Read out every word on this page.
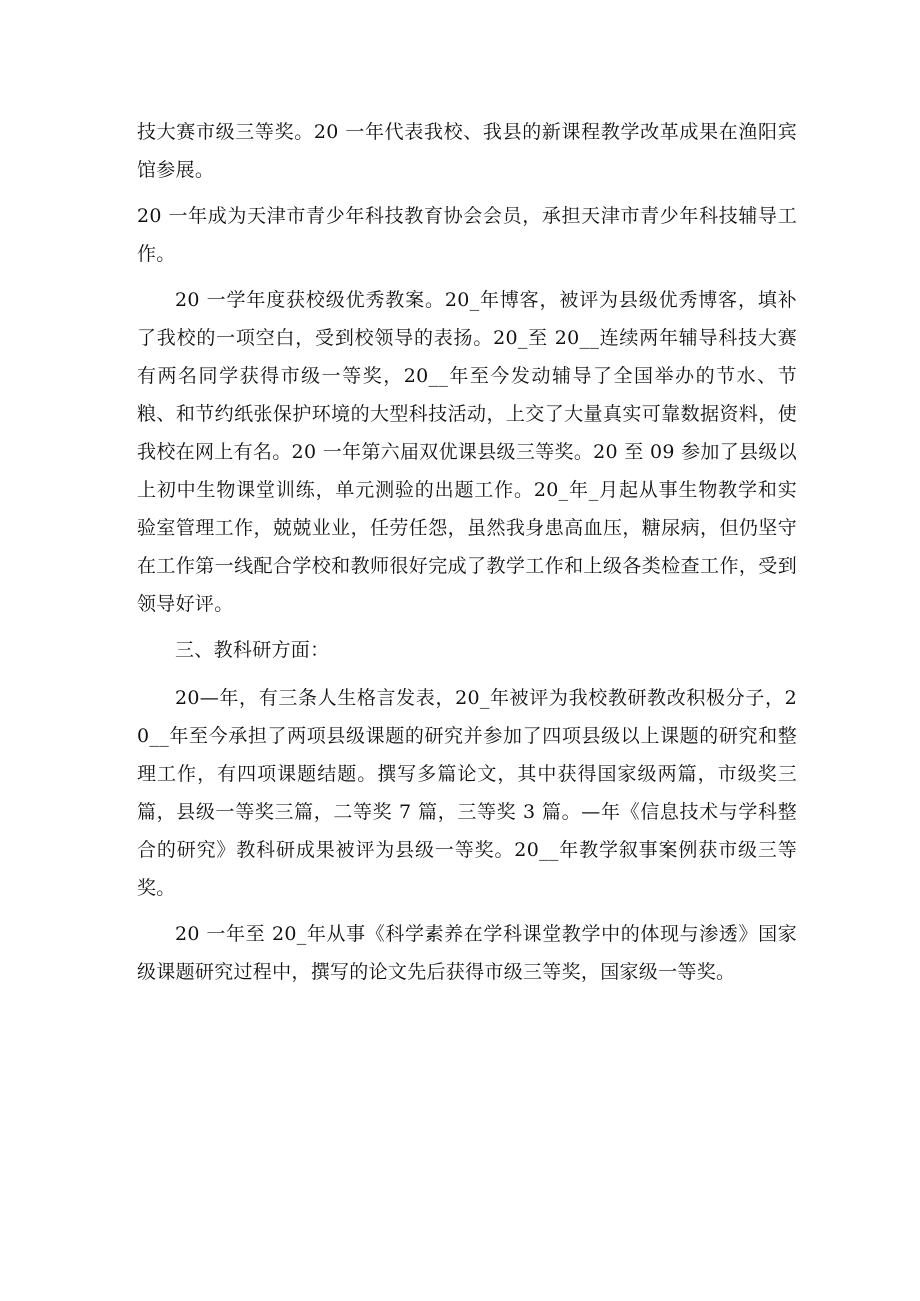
技大赛市级三等奖。20 一年代表我校、我县的新课程教学改革成果在渔阳宾馆参展。

20 一年成为天津市青少年科技教育协会会员，承担天津市青少年科技辅导工作。

20 一学年度获校级优秀教案。20_年博客，被评为县级优秀博客，填补了我校的一项空白，受到校领导的表扬。20_至 20__连续两年辅导科技大赛有两名同学获得市级一等奖，20__年至今发动辅导了全国举办的节水、节粮、和节约纸张保护环境的大型科技活动，上交了大量真实可靠数据资料，使我校在网上有名。20 一年第六届双优课县级三等奖。20 至 09 参加了县级以上初中生物课堂训练，单元测验的出题工作。20_年_月起从事生物教学和实验室管理工作，兢兢业业，任劳任怨，虽然我身患高血压，糖尿病，但仍坚守在工作第一线配合学校和教师很好完成了教学工作和上级各类检查工作，受到领导好评。

三、教科研方面：

20—年，有三条人生格言发表，20_年被评为我校教研教改积极分子，20__年至今承担了两项县级课题的研究并参加了四项县级以上课题的研究和整理工作，有四项课题结题。撰写多篇论文，其中获得国家级两篇，市级奖三篇，县级一等奖三篇，二等奖 7 篇，三等奖 3 篇。—年《信息技术与学科整合的研究》教科研成果被评为县级一等奖。20__年教学叙事案例获市级三等奖。

20 一年至 20_年从事《科学素养在学科课堂教学中的体现与渗透》国家级课题研究过程中，撰写的论文先后获得市级三等奖，国家级一等奖。
